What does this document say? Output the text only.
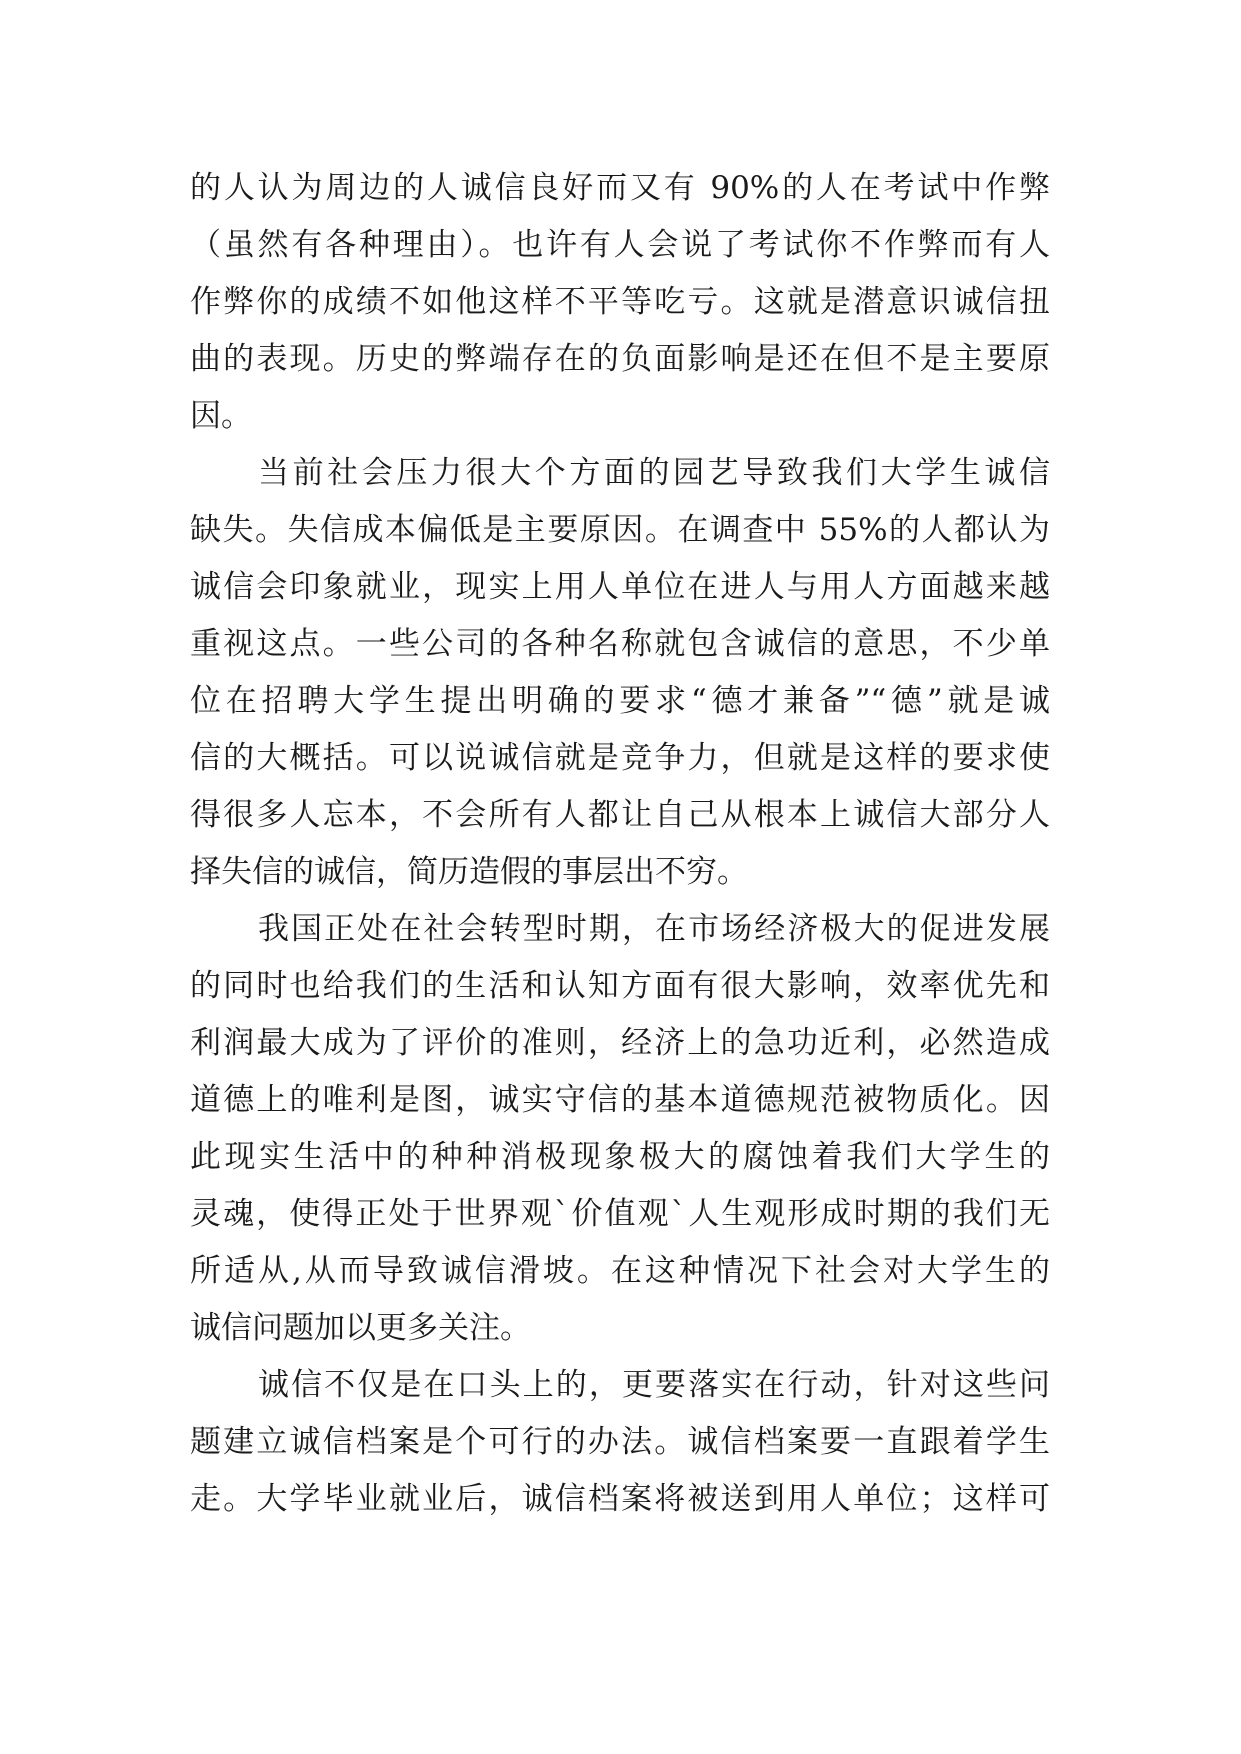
的人认为周边的人诚信良好而又有 90%的人在考试中作弊
（虽然有各种理由）。也许有人会说了考试你不作弊而有人
作弊你的成绩不如他这样不平等吃亏。这就是潜意识诚信扭
曲的表现。历史的弊端存在的负面影响是还在但不是主要原
因。
当前社会压力很大个方面的园艺导致我们大学生诚信
缺失。失信成本偏低是主要原因。在调查中 55%的人都认为
诚信会印象就业，现实上用人单位在进人与用人方面越来越
重视这点。一些公司的各种名称就包含诚信的意思，不少单
位在招聘大学生提出明确的要求“德才兼备”“德”就是诚
信的大概括。可以说诚信就是竞争力，但就是这样的要求使
得很多人忘本，不会所有人都让自己从根本上诚信大部分人
择失信的诚信，简历造假的事层出不穷。
我国正处在社会转型时期，在市场经济极大的促进发展
的同时也给我们的生活和认知方面有很大影响，效率优先和
利润最大成为了评价的准则，经济上的急功近利，必然造成
道德上的唯利是图，诚实守信的基本道德规范被物质化。因
此现实生活中的种种消极现象极大的腐蚀着我们大学生的
灵魂，使得正处于世界观`价值观`人生观形成时期的我们无
所适从,从而导致诚信滑坡。在这种情况下社会对大学生的
诚信问题加以更多关注。
诚信不仅是在口头上的，更要落实在行动，针对这些问
题建立诚信档案是个可行的办法。诚信档案要一直跟着学生
走。大学毕业就业后，诚信档案将被送到用人单位；这样可
